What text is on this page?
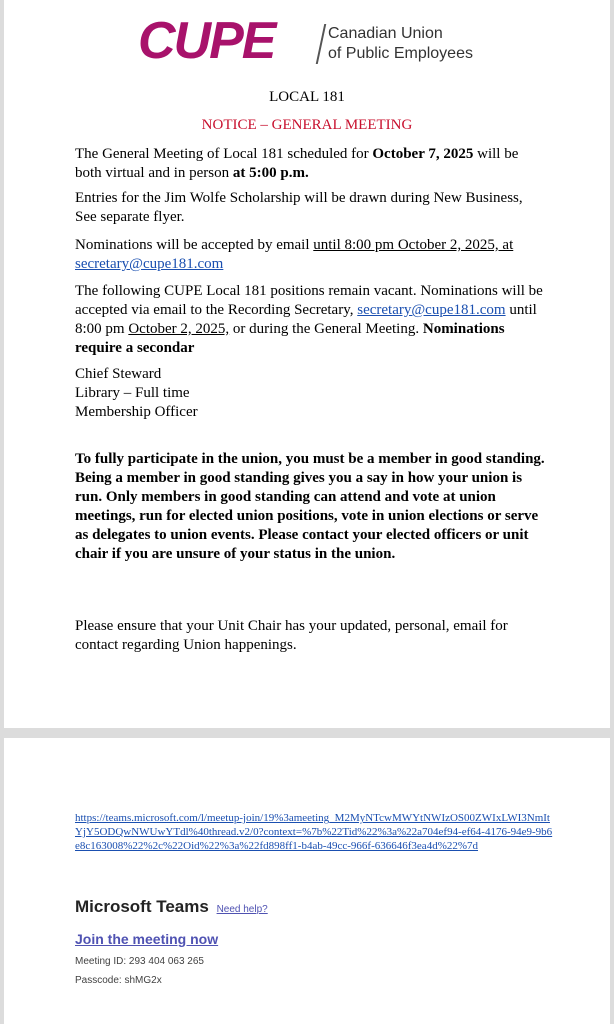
CUPE	Canadian Union
of Public Employees
LOCAL 181
NOTICE – GENERAL MEETING
The General Meeting of Local 181 scheduled for October 7, 2025 will be both virtual and in person at 5:00 p.m.
Entries for the Jim Wolfe Scholarship will be drawn during New Business, See separate flyer.
Nominations will be accepted by email until 8:00 pm October 2, 2025, at
secretary@cupe181.com
The following CUPE Local 181 positions remain vacant. Nominations will be accepted via email to the Recording Secretary, secretary@cupe181.com until 8:00 pm October 2, 2025, or during the General Meeting. Nominations require a secondar
Chief Steward
Library – Full time
Membership Officer
To fully participate in the union, you must be a member in good standing. Being a member in good standing gives you a say in how your union is run. Only members in good standing can attend and vote at union meetings, run for elected union positions, vote in union elections or serve as delegates to union events. Please contact your elected officers or unit chair if you are unsure of your status in the union.
Please ensure that your Unit Chair has your updated, personal, email for contact regarding Union happenings.
https://teams.microsoft.com/l/meetup-join/19%3ameeting_M2MyNTcwMWYtNWIzOS00ZWIxLWI3NmItYjY5ODQwNWUwYTdl%40thread.v2/0?context=%7b%22Tid%22%3a%22a704ef94-ef64-4176-94e9-9b6e8c163008%22%2c%22Oid%22%3a%22fd898ff1-b4ab-49cc-966f-636646f3ea4d%22%7d
Microsoft Teams Need help?
Join the meeting now
Meeting ID: 293 404 063 265
Passcode: shMG2x
